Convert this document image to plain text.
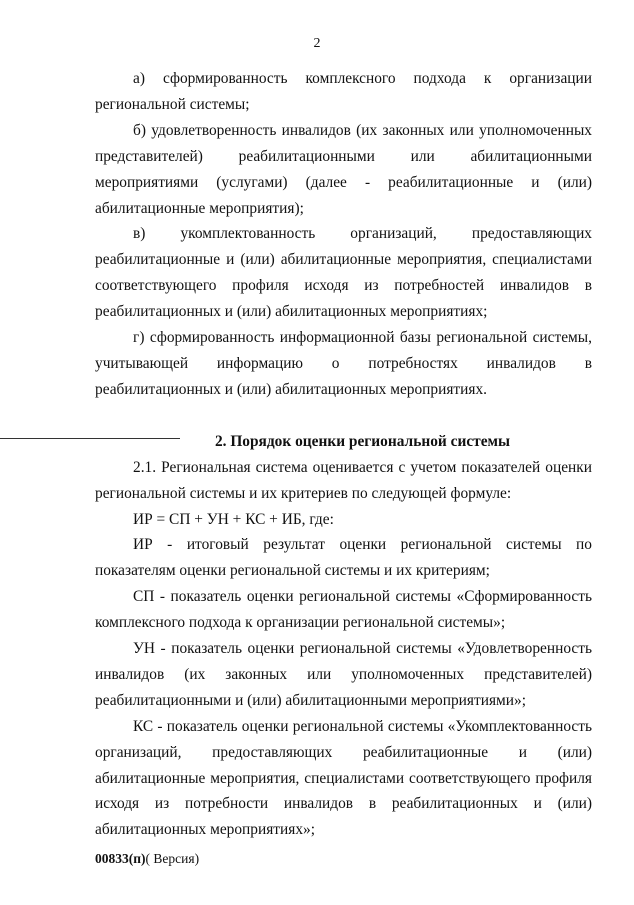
2

а) сформированность комплексного подхода к организации региональной системы;

б) удовлетворенность инвалидов (их законных или уполномоченных представителей) реабилитационными или абилитационными мероприятиями (услугами) (далее - реабилитационные и (или) абилитационные мероприятия);

в) укомплектованность организаций, предоставляющих реабилитационные и (или) абилитационные мероприятия, специалистами соответствующего профиля исходя из потребностей инвалидов в реабилитационных и (или) абилитационных мероприятиях;

г) сформированность информационной базы региональной системы, учитывающей информацию о потребностях инвалидов в реабилитационных и (или) абилитационных мероприятиях.

2. Порядок оценки региональной системы

2.1. Региональная система оценивается с учетом показателей оценки региональной системы и их критериев по следующей формуле:

ИР = СП + УН + КС + ИБ, где:

ИР - итоговый результат оценки региональной системы по показателям оценки региональной системы и их критериям;

СП - показатель оценки региональной системы «Сформированность комплексного подхода к организации региональной системы»;

УН - показатель оценки региональной системы «Удовлетворенность инвалидов (их законных или уполномоченных представителей) реабилитационными и (или) абилитационными мероприятиями»;

КС - показатель оценки региональной системы «Укомплектованность организаций, предоставляющих реабилитационные и (или) абилитационные мероприятия, специалистами соответствующего профиля исходя из потребности инвалидов в реабилитационных и (или) абилитационных мероприятиях»;

00833(п)( Версия)
